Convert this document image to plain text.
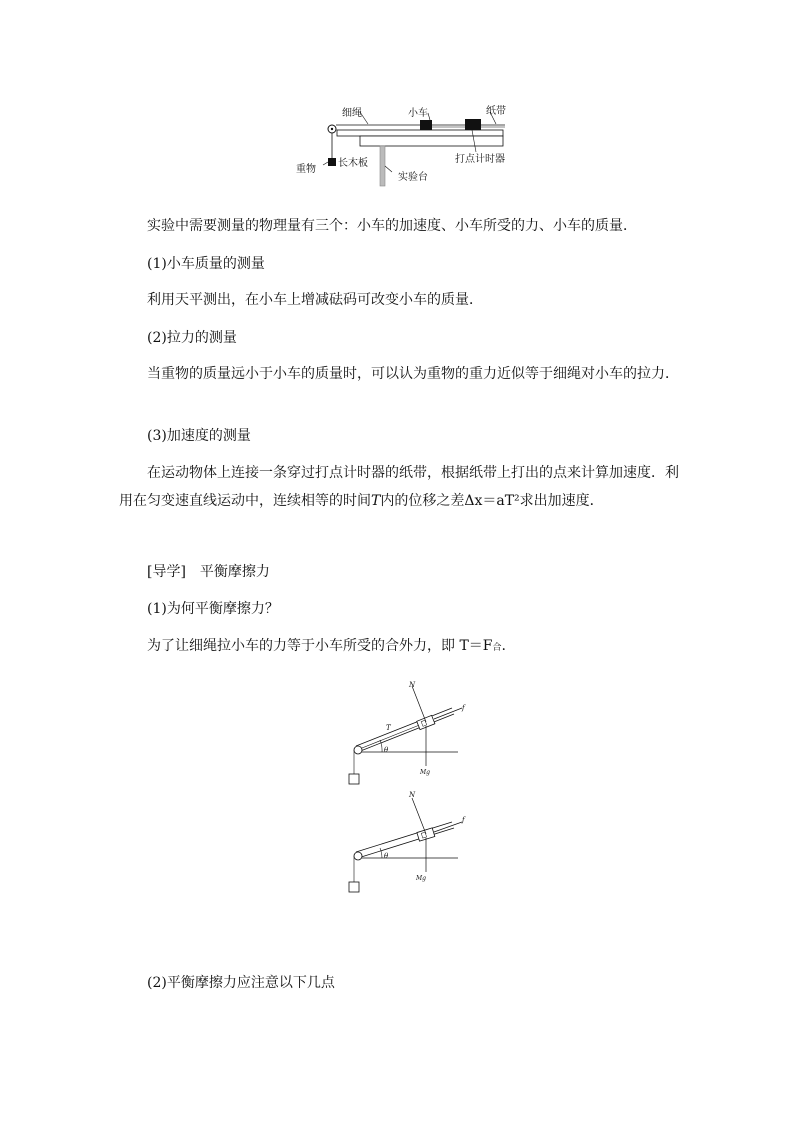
细绳	小车	纸带
重物
长木板	打点计时器
实验台
实验中需要测量的物理量有三个：小车的加速度、小车所受的力、小车的质量．
(1)小车质量的测量
利用天平测出，在小车上增减砝码可改变小车的质量．
(2)拉力的测量
当重物的质量远小于小车的质量时，可以认为重物的重力近似等于细绳对小车的拉力．
(3)加速度的测量
在运动物体上连接一条穿过打点计时器的纸带，根据纸带上打出的点来计算加速度．利用在匀变速直线运动中，连续相等的时间T内的位移之差Δx＝aT²求出加速度．
[导学]　平衡摩擦力
(1)为何平衡摩擦力？
为了让细绳拉小车的力等于小车所受的合外力，即 T＝F合.
N
f
T
θ
Mg
N
f
θ
Mg
(2)平衡摩擦力应注意以下几点
